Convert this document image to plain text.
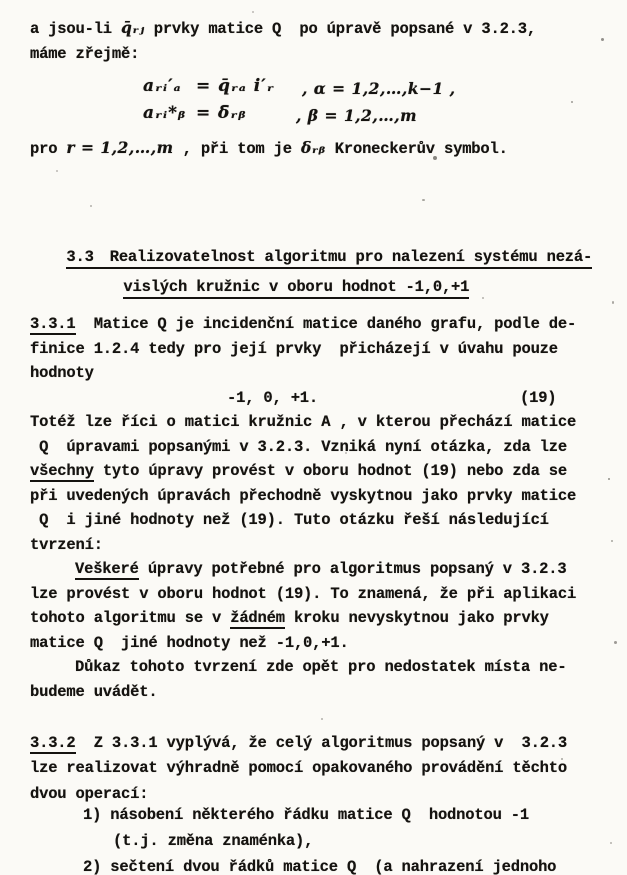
a jsou-li q̄ᵣⱼ prvky matice Q  po úpravě popsané v 3.2.3,
máme zřejmě:
aᵣᵢ′ₐ = q̄ᵣₐ i′ᵣ , α = 1,2,…,k−1 ,
aᵣᵢ*ᵦ = δ̄ᵣᵦ	, β = 1,2,…,m
pro r = 1,2,…,m , při tom je δᵣᵦ Kroneckerův symbol.

3.3 Realizovatelnost algoritmu pro nalezení systému nezá-

vislých kružnic v oboru hodnot -1,0,+1

3.3.1 Matice Q je incidenční matice daného grafu, podle de-
finice 1.2.4 tedy pro její prvky  přicházejí v úvahu pouze
hodnoty
-1, 0, +1.	(19)
Totéž lze říci o matici kružnic A , v kterou přechází matice
Q  úpravami popsanými v 3.2.3. Vzniká nyní otázka, zda lze
všechny tyto úpravy provést v oboru hodnot (19) nebo zda se
při uvedených úpravách přechodně vyskytnou jako prvky matice
Q  i jiné hodnoty než (19). Tuto otázku řeší následující
tvrzení:
Veškeré úpravy potřebné pro algoritmus popsaný v 3.2.3
lze provést v oboru hodnot (19). To znamená, že při aplikaci
tohoto algoritmu se v žádném kroku nevyskytnou jako prvky
matice Q  jiné hodnoty než -1,0,+1.
Důkaz tohoto tvrzení zde opět pro nedostatek místa ne-
budeme uvádět.
3.3.2  Z 3.3.1 vyplývá, že celý algoritmus popsaný v  3.2.3
lze realizovat výhradně pomocí opakovaného provádění těchto
dvou operací:
1) násobení některého řádku matice Q  hodnotou -1
(t.j. změna znaménka),
2) sečtení dvou řádků matice Q  (a nahrazení jednoho
